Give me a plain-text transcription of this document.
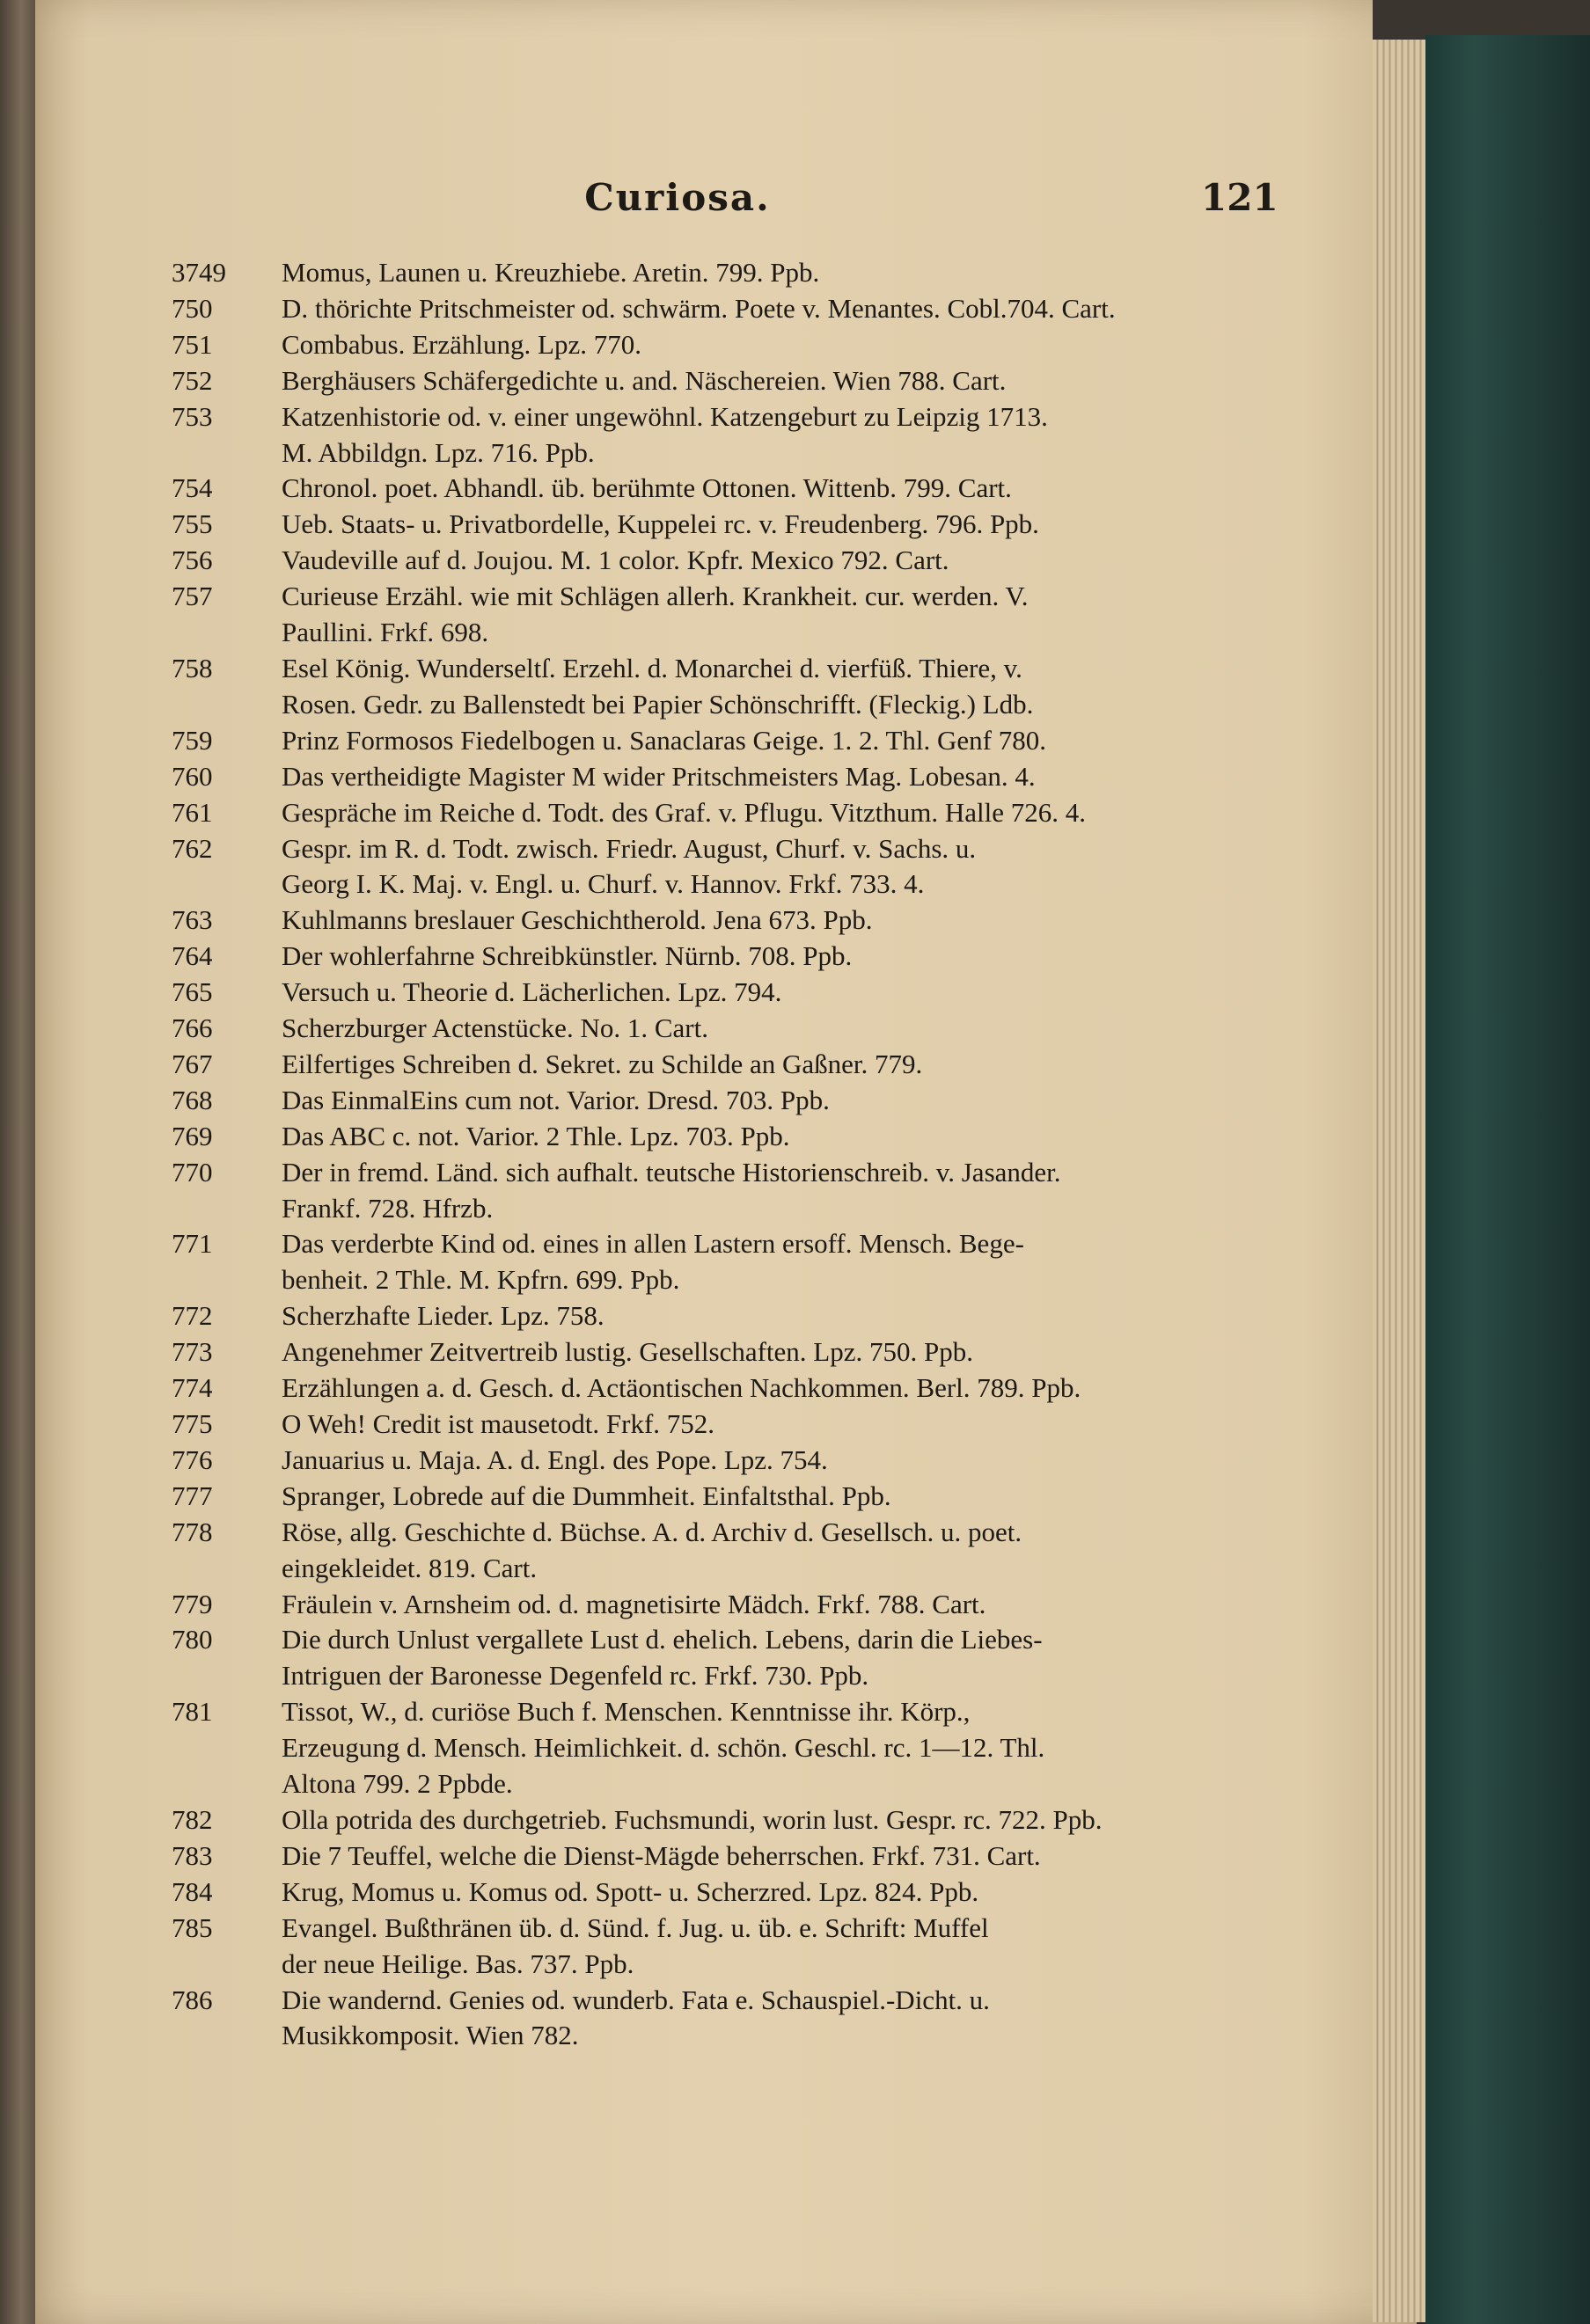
Curiosa.	121
3749	Momus, Launen u. Kreuzhiebe. Aretin. 799. Ppb.
750	D. thörichte Pritschmeister od. schwärm. Poete v. Menantes. Cobl.704. Cart.
751	Combabus. Erzählung. Lpz. 770.
752	Berghäusers Schäfergedichte u. and. Näschereien. Wien 788. Cart.
753	Katzenhistorie od. v. einer ungewöhnl. Katzengeburt zu Leipzig 1713.
M. Abbildgn. Lpz. 716. Ppb.
754	Chronol. poet. Abhandl. üb. berühmte Ottonen. Wittenb. 799. Cart.
755	Ueb. Staats- u. Privatbordelle, Kuppelei rc. v. Freudenberg. 796. Ppb.
756	Vaudeville auf d. Joujou. M. 1 color. Kpfr. Mexico 792. Cart.
757	Curieuse Erzähl. wie mit Schlägen allerh. Krankheit. cur. werden. V.
Paullini. Frkf. 698.
758	Esel König. Wunderseltſ. Erzehl. d. Monarchei d. vierfüß. Thiere, v.
Rosen. Gedr. zu Ballenstedt bei Papier Schönschrifft. (Fleckig.) Ldb.
759	Prinz Formosos Fiedelbogen u. Sanaclaras Geige. 1. 2. Thl. Genf 780.
760	Das vertheidigte Magister M wider Pritschmeisters Mag. Lobesan. 4.
761	Gespräche im Reiche d. Todt. des Graf. v. Pflugu. Vitzthum. Halle 726. 4.
762	Gespr. im R. d. Todt. zwisch. Friedr. August, Churf. v. Sachs. u.
Georg I. K. Maj. v. Engl. u. Churf. v. Hannov. Frkf. 733. 4.
763	Kuhlmanns breslauer Geschichtherold. Jena 673. Ppb.
764	Der wohlerfahrne Schreibkünstler. Nürnb. 708. Ppb.
765	Versuch u. Theorie d. Lächerlichen. Lpz. 794.
766	Scherzburger Actenstücke. No. 1. Cart.
767	Eilfertiges Schreiben d. Sekret. zu Schilde an Gaßner. 779.
768	Das EinmalEins cum not. Varior. Dresd. 703. Ppb.
769	Das ABC c. not. Varior. 2 Thle. Lpz. 703. Ppb.
770	Der in fremd. Länd. sich aufhalt. teutsche Historienschreib. v. Jasander.
Frankf. 728. Hfrzb.
771	Das verderbte Kind od. eines in allen Lastern ersoff. Mensch. Bege-
benheit. 2 Thle. M. Kpfrn. 699. Ppb.
772	Scherzhafte Lieder. Lpz. 758.
773	Angenehmer Zeitvertreib lustig. Gesellschaften. Lpz. 750. Ppb.
774	Erzählungen a. d. Gesch. d. Actäontischen Nachkommen. Berl. 789. Ppb.
775	O Weh! Credit ist mausetodt. Frkf. 752.
776	Januarius u. Maja. A. d. Engl. des Pope. Lpz. 754.
777	Spranger, Lobrede auf die Dummheit. Einfaltsthal. Ppb.
778	Röse, allg. Geschichte d. Büchse. A. d. Archiv d. Gesellsch. u. poet.
eingekleidet. 819. Cart.
779	Fräulein v. Arnsheim od. d. magnetisirte Mädch. Frkf. 788. Cart.
780	Die durch Unlust vergallete Lust d. ehelich. Lebens, darin die Liebes-
Intriguen der Baronesse Degenfeld rc. Frkf. 730. Ppb.
781	Tissot, W., d. curiöse Buch f. Menschen. Kenntnisse ihr. Körp.,
Erzeugung d. Mensch. Heimlichkeit. d. schön. Geschl. rc. 1—12. Thl.
Altona 799. 2 Ppbde.
782	Olla potrida des durchgetrieb. Fuchsmundi, worin lust. Gespr. rc. 722. Ppb.
783	Die 7 Teuffel, welche die Dienst-Mägde beherrschen. Frkf. 731. Cart.
784	Krug, Momus u. Komus od. Spott- u. Scherzred. Lpz. 824. Ppb.
785	Evangel. Bußthränen üb. d. Sünd. f. Jug. u. üb. e. Schrift: Muffel
der neue Heilige. Bas. 737. Ppb.
786	Die wandernd. Genies od. wunderb. Fata e. Schauspiel.-Dicht. u.
Musikkomposit. Wien 782.
